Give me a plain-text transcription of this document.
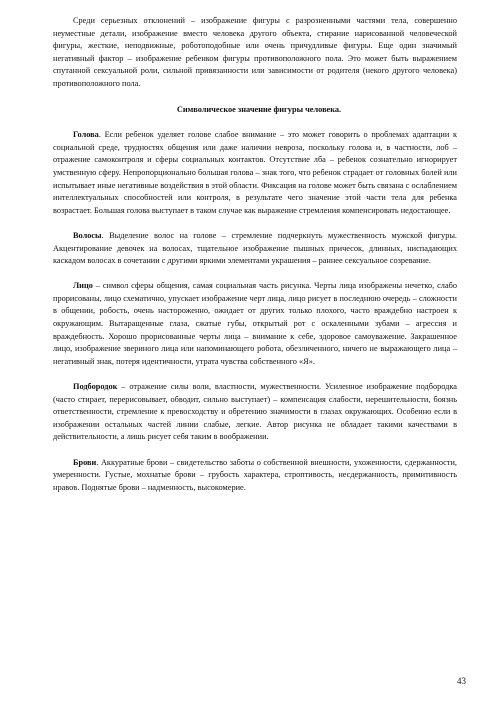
Среди серьезных отклонений – изображение фигуры с разрозненными частями тела, совершенно неуместные детали, изображение вместо человека другого объекта, стирание нарисованной человеческой фигуры, жесткие, неподвижные, роботоподобные или очень причудливые фигуры. Еще один значимый негативный фактор – изображение ребенком фигуры противоположного пола. Это может быть выражением спутанной сексуальной роли, сильной привязанности или зависимости от родителя (некого другого человека) противоположного пола.

Символическое значение фигуры человека.

Голова. Если ребенок уделяет голове слабое внимание – это может говорить о проблемах адаптации к социальной среде, трудностях общения или даже наличии невроза, поскольку голова и, в частности, лоб – отражение самоконтроля и сферы социальных контактов. Отсутствие лба – ребенок сознательно игнорирует умственную сферу. Непропорционально большая голова – знак того, что ребенок страдает от головных болей или испытывает иные негативные воздействия в этой области. Фиксация на голове может быть связана с ослаблением интеллектуальных способностей или контроля, в результате чего значение этой части тела для ребенка возрастает. Большая голова выступает в таком случае как выражение стремления компенсировать недостающее.

Волосы. Выделение волос на голове – стремление подчеркнуть мужественность мужской фигуры. Акцентирование девочек на волосах, тщательное изображение пышных причесок, длинных, ниспадающих каскадом волосах в сочетании с другими яркими элементами украшения – раннее сексуальное созревание.

Лицо – символ сферы общения, самая социальная часть рисунка. Черты лица изображены нечетко, слабо прорисованы, лицо схематично, упускает изображение черт лица, лицо рисует в последнюю очередь – сложности в общении, робость, очень настороженно, ожидает от других только плохого, часто враждебно настроен к окружающим. Вытаращенные глаза, сжатые губы, открытый рот с оскаленными зубами – агрессия и враждебность. Хорошо прорисованные черты лица – внимание к себе, здоровое самоуважение. Закрашенное лицо, изображение звериного лица или напоминающего робота, обезличенного, ничего не выражающего лица – негативный знак, потеря идентичности, утрата чувства собственного «Я».

Подбородок – отражение силы воли, властности, мужественности. Усиленное изображение подбородка (часто стирает, перерисовывает, обводит, сильно выступает) – компенсация слабости, нерешительности, боязнь ответственности, стремление к превосходству и обретению значимости в глазах окружающих. Особенно если в изображении остальных частей линии слабые, легкие. Автор рисунка не обладает такими качествами в действительности, а лишь рисует себя таким в воображении.

Брови. Аккуратные брови – свидетельство заботы о собственной внешности, ухоженности, сдержанности, умеренности. Густые, мохнатые брови – грубость характера, строптивость, несдержанность, примитивность нравов. Поднятые брови – надменность, высокомерие.

43
